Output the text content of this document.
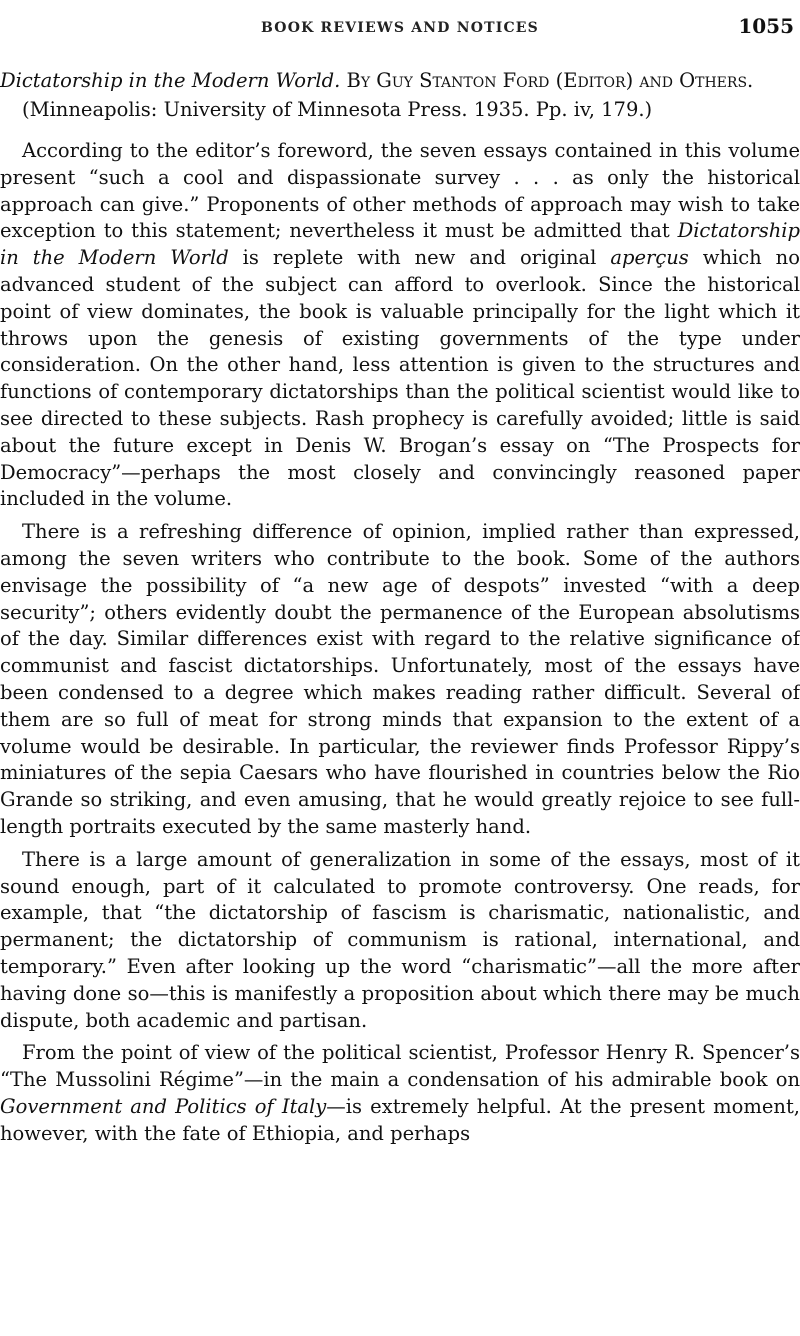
BOOK REVIEWS AND NOTICES	1055

Dictatorship in the Modern World. By Guy Stanton Ford (Editor) and Others. (Minneapolis: University of Minnesota Press. 1935. Pp. iv, 179.)

According to the editor’s foreword, the seven essays contained in this volume present “such a cool and dispassionate survey . . . as only the historical approach can give.” Proponents of other methods of approach may wish to take exception to this statement; nevertheless it must be admitted that Dictatorship in the Modern World is replete with new and original aperçus which no advanced student of the subject can afford to overlook. Since the historical point of view dominates, the book is valuable principally for the light which it throws upon the genesis of existing governments of the type under consideration. On the other hand, less attention is given to the structures and functions of contemporary dictatorships than the political scientist would like to see directed to these subjects. Rash prophecy is carefully avoided; little is said about the future except in Denis W. Brogan’s essay on “The Prospects for Democracy”—perhaps the most closely and convincingly reasoned paper included in the volume.

There is a refreshing difference of opinion, implied rather than expressed, among the seven writers who contribute to the book. Some of the authors envisage the possibility of “a new age of despots” invested “with a deep security”; others evidently doubt the permanence of the European absolutisms of the day. Similar differences exist with regard to the relative significance of communist and fascist dictatorships. Unfortunately, most of the essays have been condensed to a degree which makes reading rather difficult. Several of them are so full of meat for strong minds that expansion to the extent of a volume would be desirable. In particular, the reviewer finds Professor Rippy’s miniatures of the sepia Caesars who have flourished in countries below the Rio Grande so striking, and even amusing, that he would greatly rejoice to see full-length portraits executed by the same masterly hand.

There is a large amount of generalization in some of the essays, most of it sound enough, part of it calculated to promote controversy. One reads, for example, that “the dictatorship of fascism is charismatic, nationalistic, and permanent; the dictatorship of communism is rational, international, and temporary.” Even after looking up the word “charismatic”—all the more after having done so—this is manifestly a proposition about which there may be much dispute, both academic and partisan.

From the point of view of the political scientist, Professor Henry R. Spencer’s “The Mussolini Régime”—in the main a condensation of his admirable book on Government and Politics of Italy—is extremely helpful. At the present moment, however, with the fate of Ethiopia, and perhaps
